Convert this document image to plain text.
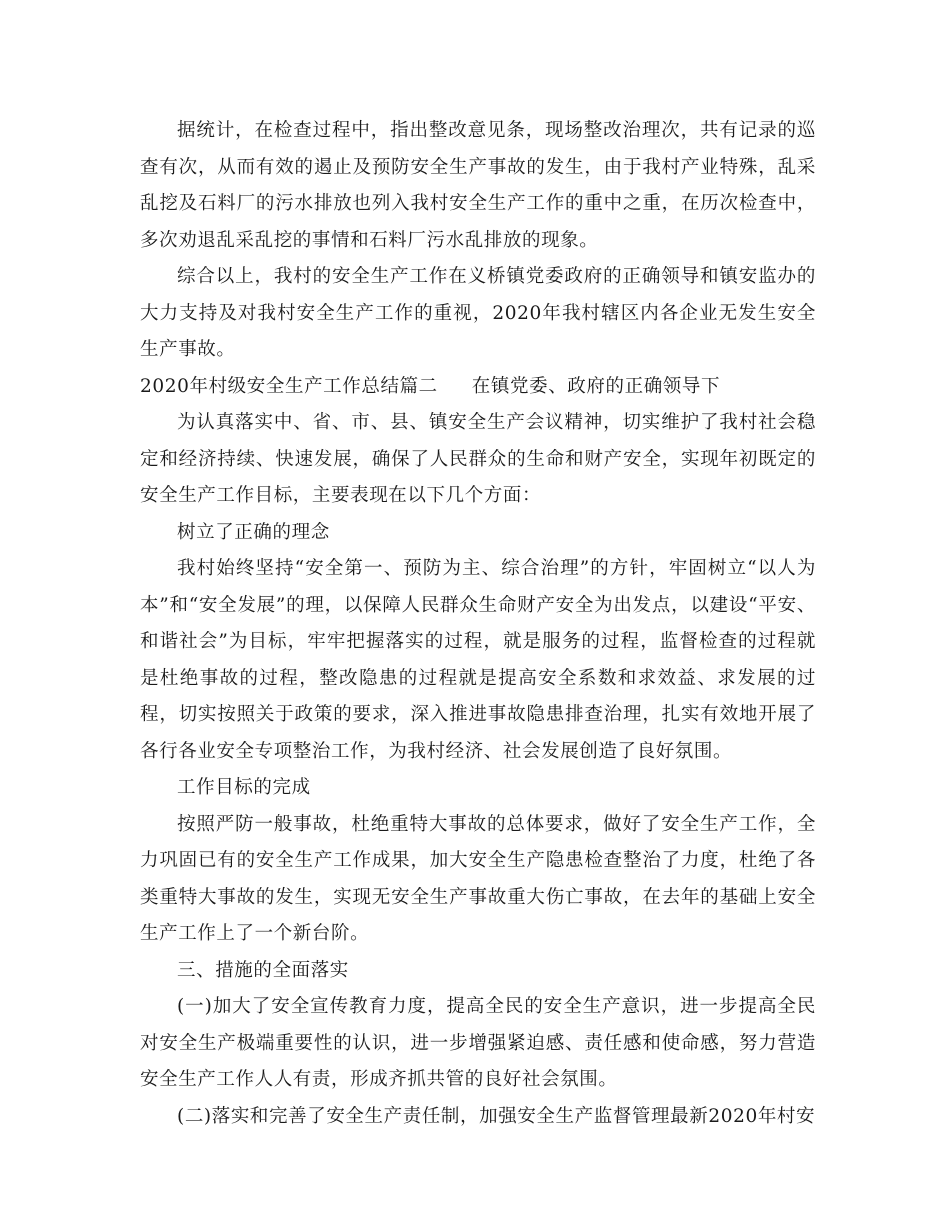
据统计，在检查过程中，指出整改意见条，现场整改治理次，共有记录的巡查有次，从而有效的遏止及预防安全生产事故的发生，由于我村产业特殊，乱采乱挖及石料厂的污水排放也列入我村安全生产工作的重中之重，在历次检查中，多次劝退乱采乱挖的事情和石料厂污水乱排放的现象。

综合以上，我村的安全生产工作在义桥镇党委政府的正确领导和镇安监办的大力支持及对我村安全生产工作的重视，2020年我村辖区内各企业无发生安全生产事故。

2020年村级安全生产工作总结篇二 在镇党委、政府的正确领导下

为认真落实中、省、市、县、镇安全生产会议精神，切实维护了我村社会稳定和经济持续、快速发展，确保了人民群众的生命和财产安全，实现年初既定的安全生产工作目标，主要表现在以下几个方面：

树立了正确的理念

我村始终坚持“安全第一、预防为主、综合治理”的方针，牢固树立“以人为本”和“安全发展”的理，以保障人民群众生命财产安全为出发点，以建设“平安、和谐社会”为目标，牢牢把握落实的过程，就是服务的过程，监督检查的过程就是杜绝事故的过程，整改隐患的过程就是提高安全系数和求效益、求发展的过程，切实按照关于政策的要求，深入推进事故隐患排查治理，扎实有效地开展了各行各业安全专项整治工作，为我村经济、社会发展创造了良好氛围。

工作目标的完成

按照严防一般事故，杜绝重特大事故的总体要求，做好了安全生产工作，全力巩固已有的安全生产工作成果，加大安全生产隐患检查整治了力度，杜绝了各类重特大事故的发生，实现无安全生产事故重大伤亡事故，在去年的基础上安全生产工作上了一个新台阶。

三、措施的全面落实

(一)加大了安全宣传教育力度，提高全民的安全生产意识，进一步提高全民对安全生产极端重要性的认识，进一步增强紧迫感、责任感和使命感，努力营造安全生产工作人人有责，形成齐抓共管的良好社会氛围。

(二)落实和完善了安全生产责任制，加强安全生产监督管理最新2020年村安
